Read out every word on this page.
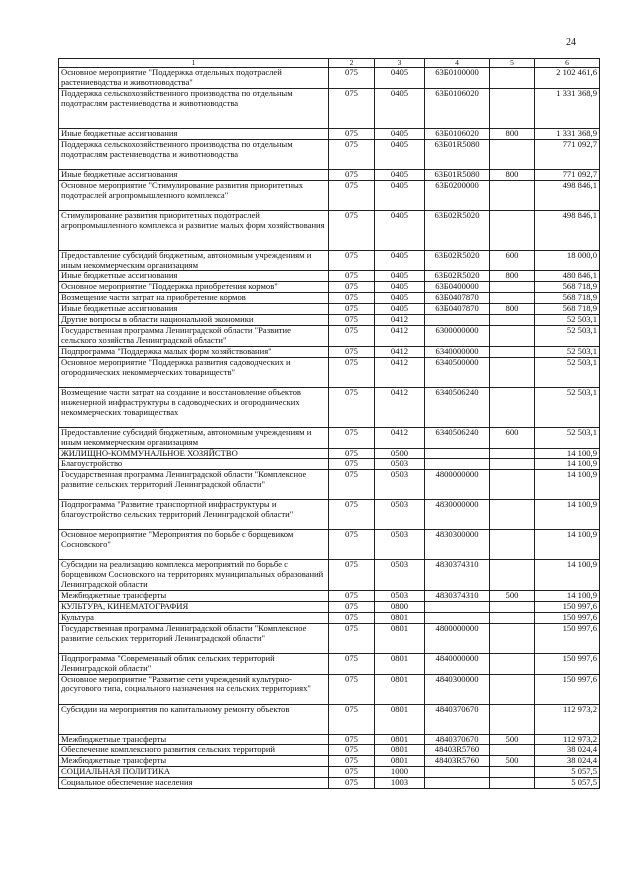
24
1	2	3	4	5	6
Основное мероприятие "Поддержка отдельных подотраслей растениеводства и животноводства"	075	0405	63Б0100000		2 102 461,6
Поддержка сельскохозяйственного производства по отдельным подотраслям растениеводства и животноводства	075	0405	63Б0106020		1 331 368,9
Иные бюджетные ассигнования	075	0405	63Б0106020	800	1 331 368,9
Поддержка сельскохозяйственного производства по отдельным подотраслям растениеводства и животноводства	075	0405	63Б01R5080		771 092,7
Иные бюджетные ассигнования	075	0405	63Б01R5080	800	771 092,7
Основное мероприятие "Стимулирование развития приоритетных подотраслей агропромышленного комплекса"	075	0405	63Б0200000		498 846,1
Стимулирование развития приоритетных подотраслей агропромышленного комплекса и развитие малых форм хозяйствования	075	0405	63Б02R5020		498 846,1
Предоставление субсидий бюджетным, автономным учреждениям и иным некоммерческим организациям	075	0405	63Б02R5020	600	18 000,0
Иные бюджетные ассигнования	075	0405	63Б02R5020	800	480 846,1
Основное мероприятие "Поддержка приобретения кормов"	075	0405	63Б0400000		568 718,9
Возмещение части затрат на приобретение кормов	075	0405	63Б0407870		568 718,9
Иные бюджетные ассигнования	075	0405	63Б0407870	800	568 718,9
Другие вопросы в области национальной экономики	075	0412			52 503,1
Государственная программа Ленинградской области "Развитие сельского хозяйства Ленинградской области"	075	0412	6300000000		52 503,1
Подпрограмма "Поддержка малых форм хозяйствования"	075	0412	6340000000		52 503,1
Основное мероприятие "Поддержка развития садоводческих и огороднических некоммерческих товариществ"	075	0412	6340500000		52 503,1
Возмещение части затрат на создание и восстановление объектов инженерной инфраструктуры в садоводческих и огороднических некоммерческих товариществах	075	0412	6340506240		52 503,1
Предоставление субсидий бюджетным, автономным учреждениям и иным некоммерческим организациям	075	0412	6340506240	600	52 503,1
ЖИЛИЩНО-КОММУНАЛЬНОЕ ХОЗЯЙСТВО	075	0500			14 100,9
Благоустройство	075	0503			14 100,9
Государственная программа Ленинградской области "Комплексное развитие сельских территорий Ленинградской области"	075	0503	4800000000		14 100,9
Подпрограмма "Развитие транспортной инфраструктуры и благоустройство сельских территорий Ленинградской области"	075	0503	4830000000		14 100,9
Основное мероприятие "Мероприятия по борьбе с борщевиком Сосновского"	075	0503	4830300000		14 100,9
Субсидии на реализацию комплекса мероприятий по борьбе с борщевиком Сосновского на территориях муниципальных образований Ленинградской области	075	0503	4830374310		14 100,9
Межбюджетные трансферты	075	0503	4830374310	500	14 100,9
КУЛЬТУРА, КИНЕМАТОГРАФИЯ	075	0800			150 997,6
Культура	075	0801			150 997,6
Государственная программа Ленинградской области "Комплексное развитие сельских территорий Ленинградской области"	075	0801	4800000000		150 997,6
Подпрограмма "Современный облик сельских территорий Ленинградской области"	075	0801	4840000000		150 997,6
Основное мероприятие "Развитие сети учреждений культурно-досугового типа, социального назначения на сельских территориях"	075	0801	4840300000		150 997,6
Субсидии на мероприятия по капитальному ремонту объектов	075	0801	4840370670		112 973,2
Межбюджетные трансферты	075	0801	4840370670	500	112 973,2
Обеспечение комплексного развития сельских территорий	075	0801	48403R5760		38 024,4
Межбюджетные трансферты	075	0801	48403R5760	500	38 024,4
СОЦИАЛЬНАЯ ПОЛИТИКА	075	1000			5 057,5
Социальное обеспечение населения	075	1003			5 057,5
